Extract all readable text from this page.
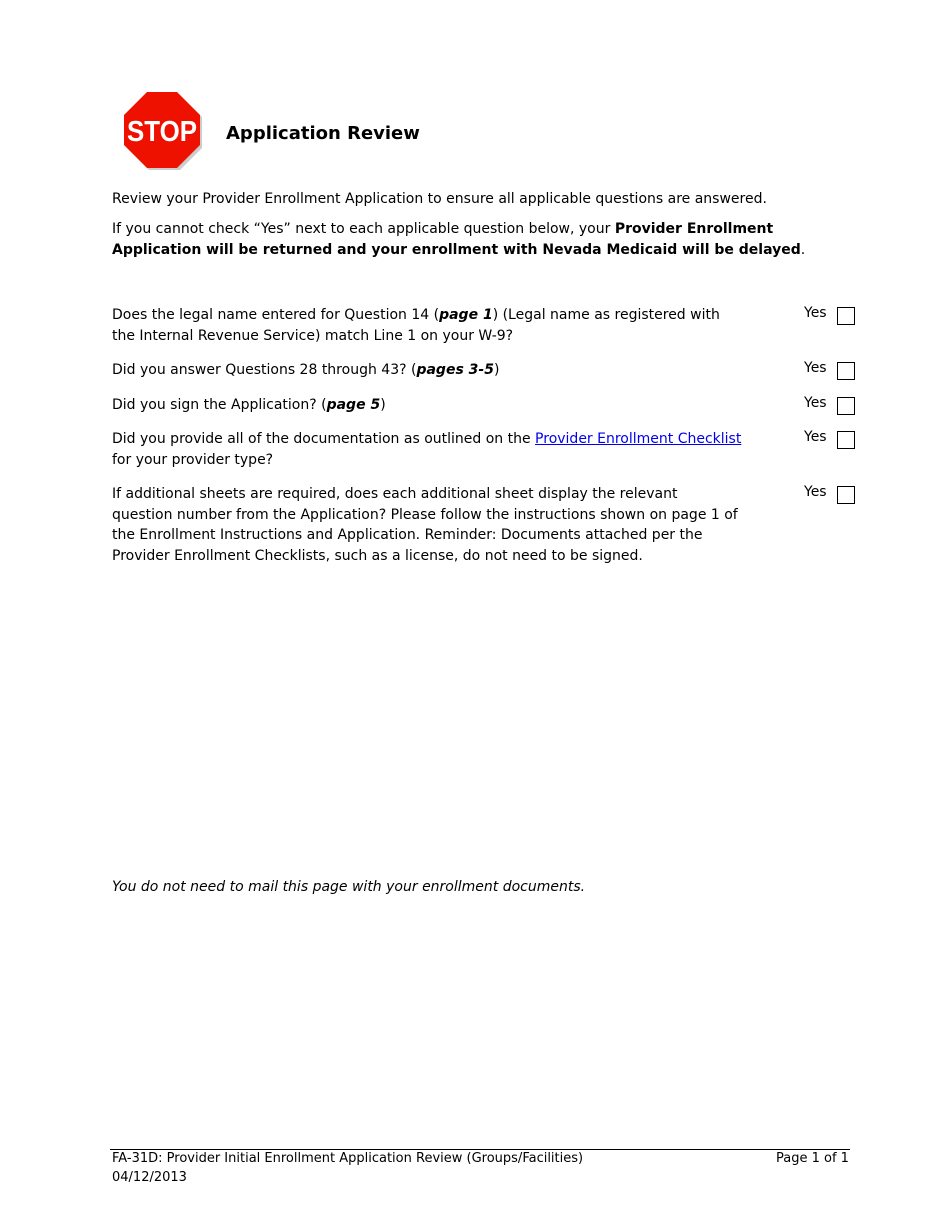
STOP Application Review
Review your Provider Enrollment Application to ensure all applicable questions are answered.
If you cannot check “Yes” next to each applicable question below, your Provider Enrollment Application will be returned and your enrollment with Nevada Medicaid will be delayed.
Does the legal name entered for Question 14 (page 1) (Legal name as registered with the Internal Revenue Service) match Line 1 on your W-9?
Yes
Did you answer Questions 28 through 43? (pages 3-5)	Yes
Did you sign the Application? (page 5)	Yes
Did you provide all of the documentation as outlined on the Provider Enrollment Checklist for your provider type?
Yes
If additional sheets are required, does each additional sheet display the relevant question number from the Application? Please follow the instructions shown on page 1 of the Enrollment Instructions and Application. Reminder: Documents attached per the Provider Enrollment Checklists, such as a license, do not need to be signed.
Yes
You do not need to mail this page with your enrollment documents.
FA-31D: Provider Initial Enrollment Application Review (Groups/Facilities)
04/12/2013
Page 1 of 1
